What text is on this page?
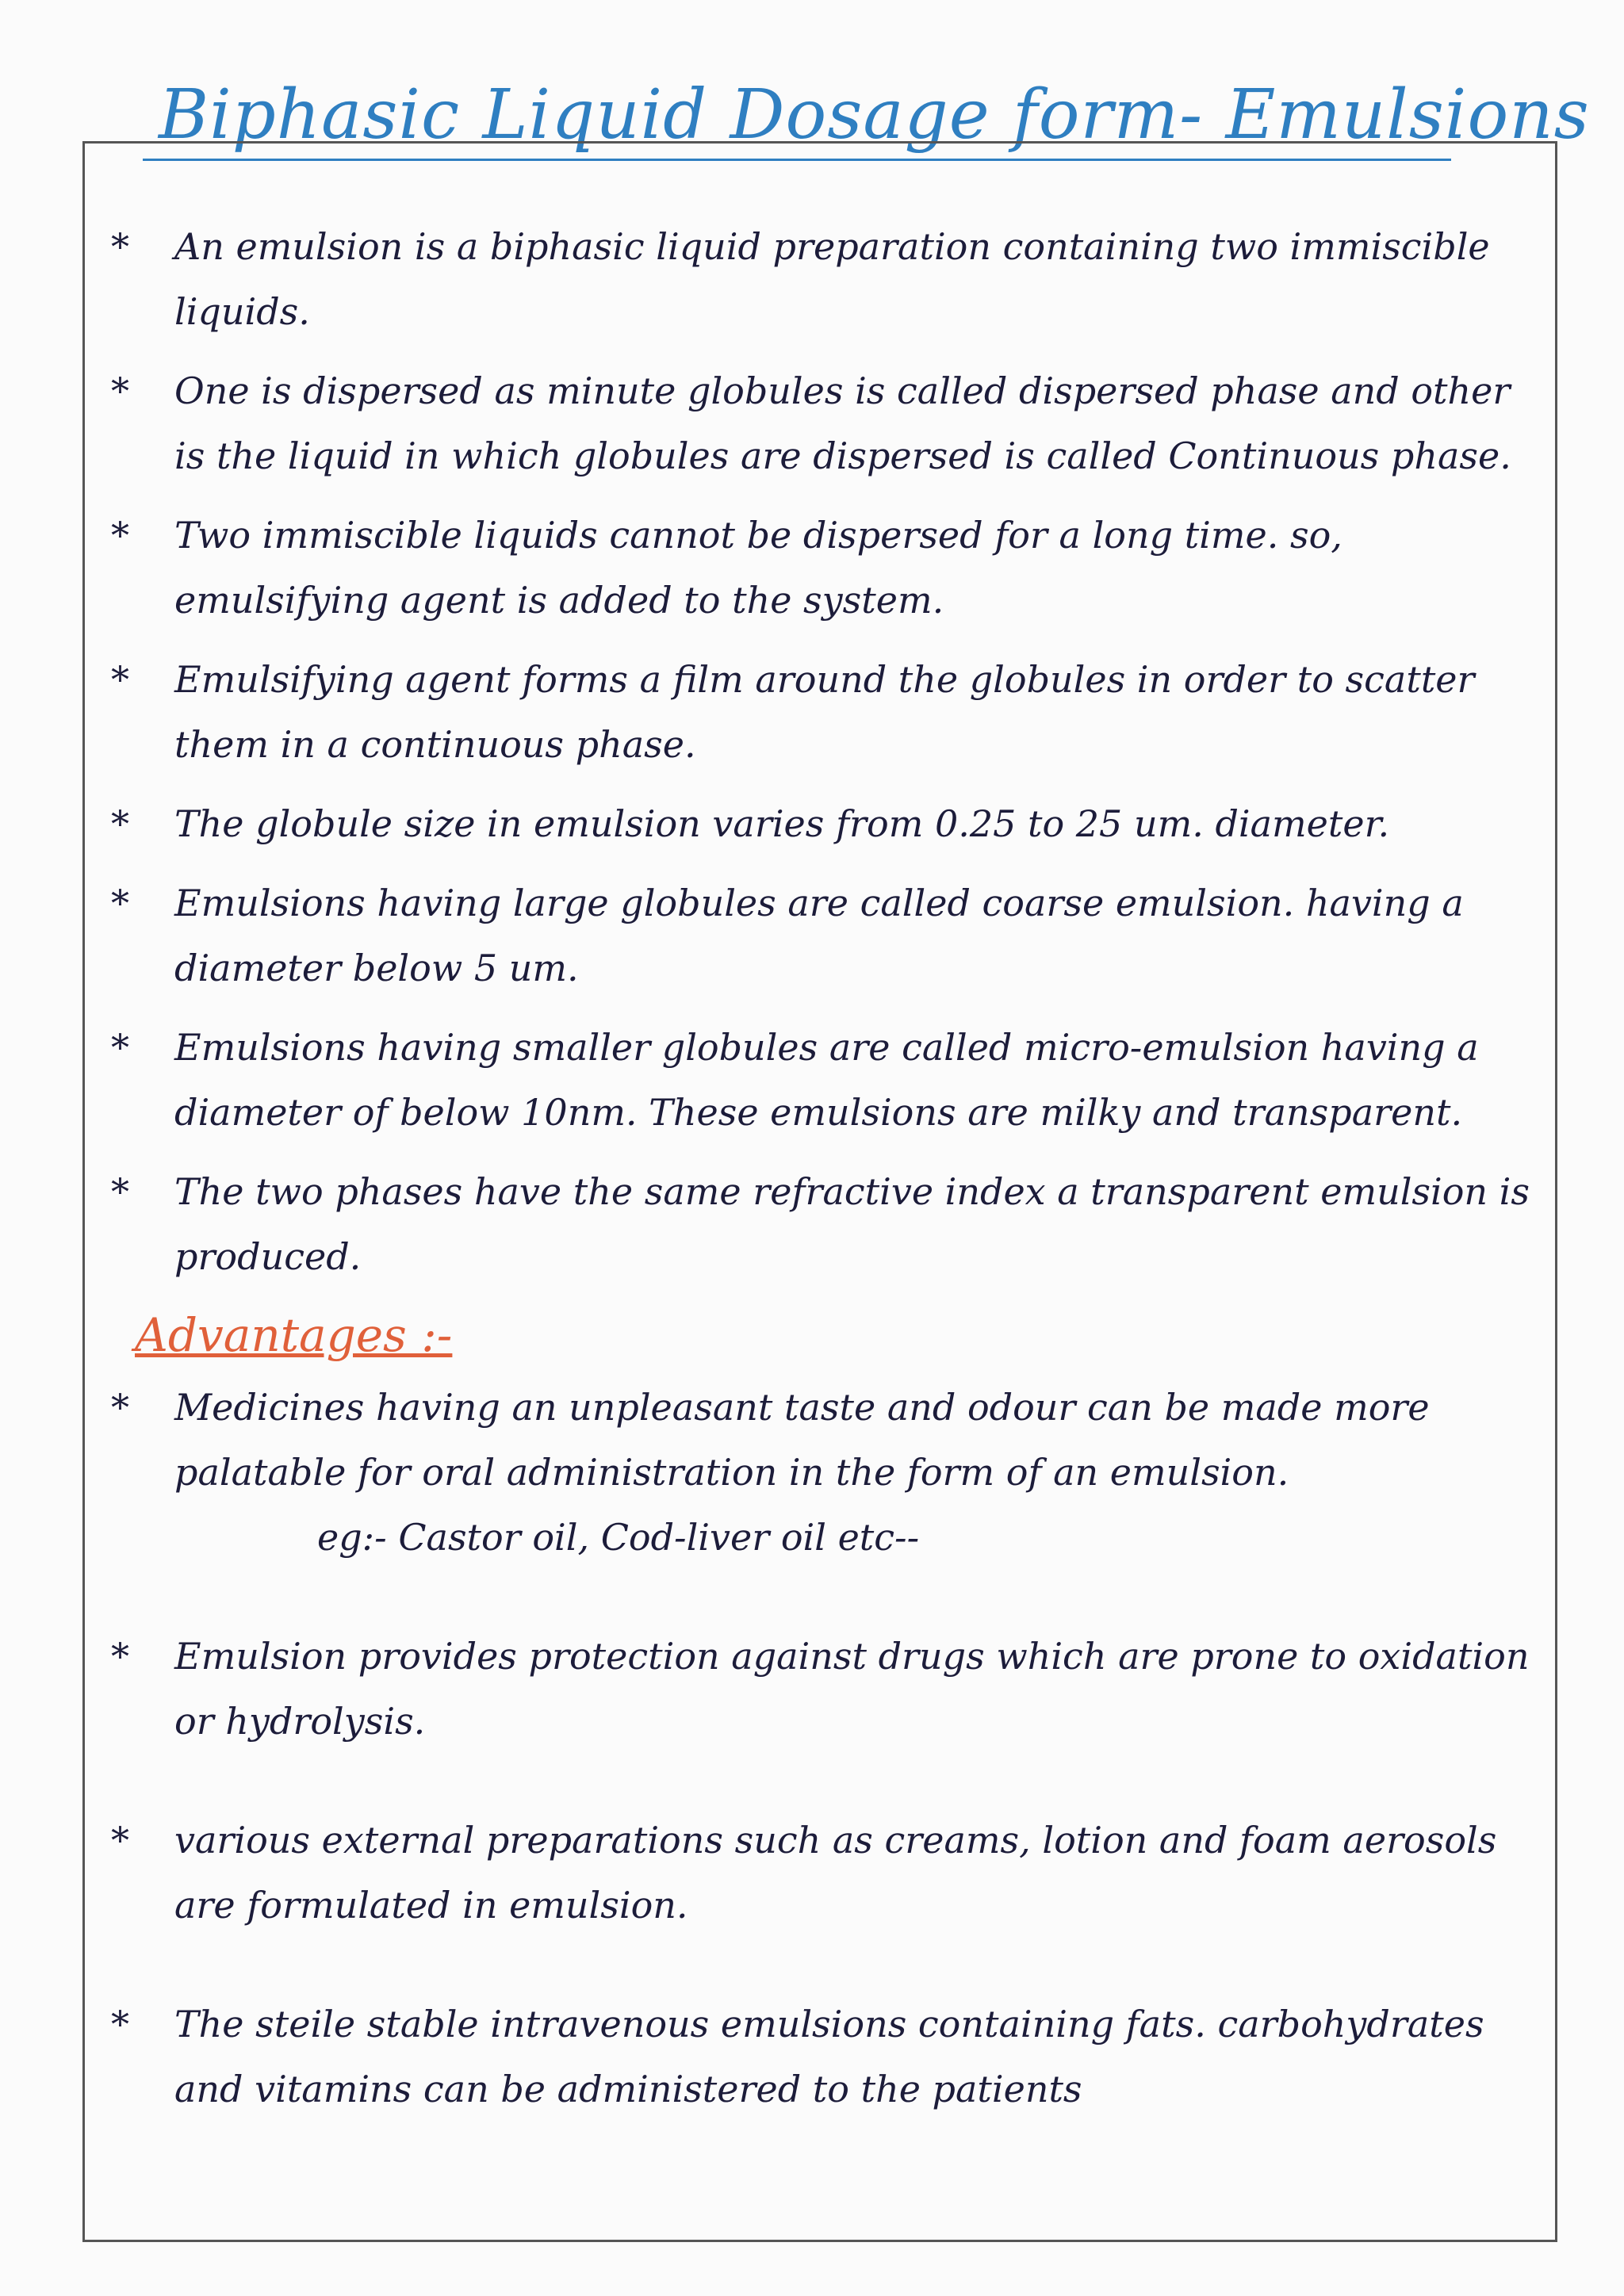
Biphasic Liquid Dosage form- Emulsions
* An emulsion is a biphasic liquid preparation containing two immiscible liquids.
* One is dispersed as minute globules is called dispersed phase and other is the liquid in which globules are dispersed is called Continuous phase.
* Two immiscible liquids cannot be dispersed for a long time. so, emulsifying agent is added to the system.
* Emulsifying agent forms a film around the globules in order to scatter them in a continuous phase.
* The globule size in emulsion varies from 0.25 to 25 um. diameter.
* Emulsions having large globules are called coarse emulsion. having a diameter below 5 um.
* Emulsions having smaller globules are called micro-emulsion having a diameter of below 10nm. These emulsions are milky and transparent.
* The two phases have the same refractive index a transparent emulsion is produced.
Advantages :-
* Medicines having an unpleasant taste and odour can be made more palatable for oral administration in the form of an emulsion. eg:- Castor oil, Cod-liver oil etc--
* Emulsion provides protection against drugs which are prone to oxidation or hydrolysis.
* various external preparations such as creams, lotion and foam aerosols are formulated in emulsion.
* The steile stable intravenous emulsions containing fats. carbohydrates and vitamins can be administered to the patients
